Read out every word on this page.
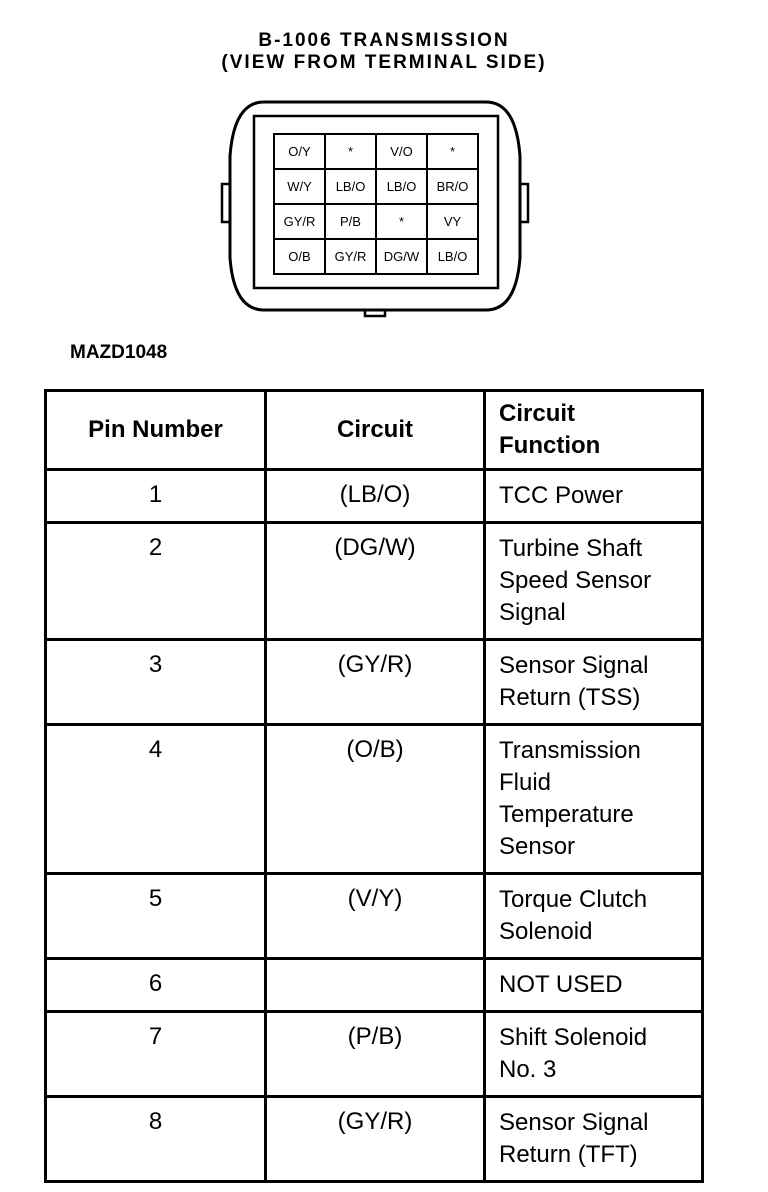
B-1006 TRANSMISSION
(VIEW FROM TERMINAL SIDE)
O/Y	*	V/O	*
W/Y	LB/O	LB/O	BR/O
GY/R	P/B	*	VY
O/B	GY/R	DG/W	LB/O
MAZD1048
Pin Number	Circuit	Circuit
Function

1	(LB/O)	TCC Power

2	(DG/W)	Turbine Shaft
Speed Sensor
Signal

3	(GY/R)	Sensor Signal
Return (TSS)

4	(O/B)	Transmission
Fluid
Temperature
Sensor

5	(V/Y)	Torque Clutch
Solenoid

6		NOT USED

7	(P/B)	Shift Solenoid
No. 3

8	(GY/R)	Sensor Signal
Return (TFT)
